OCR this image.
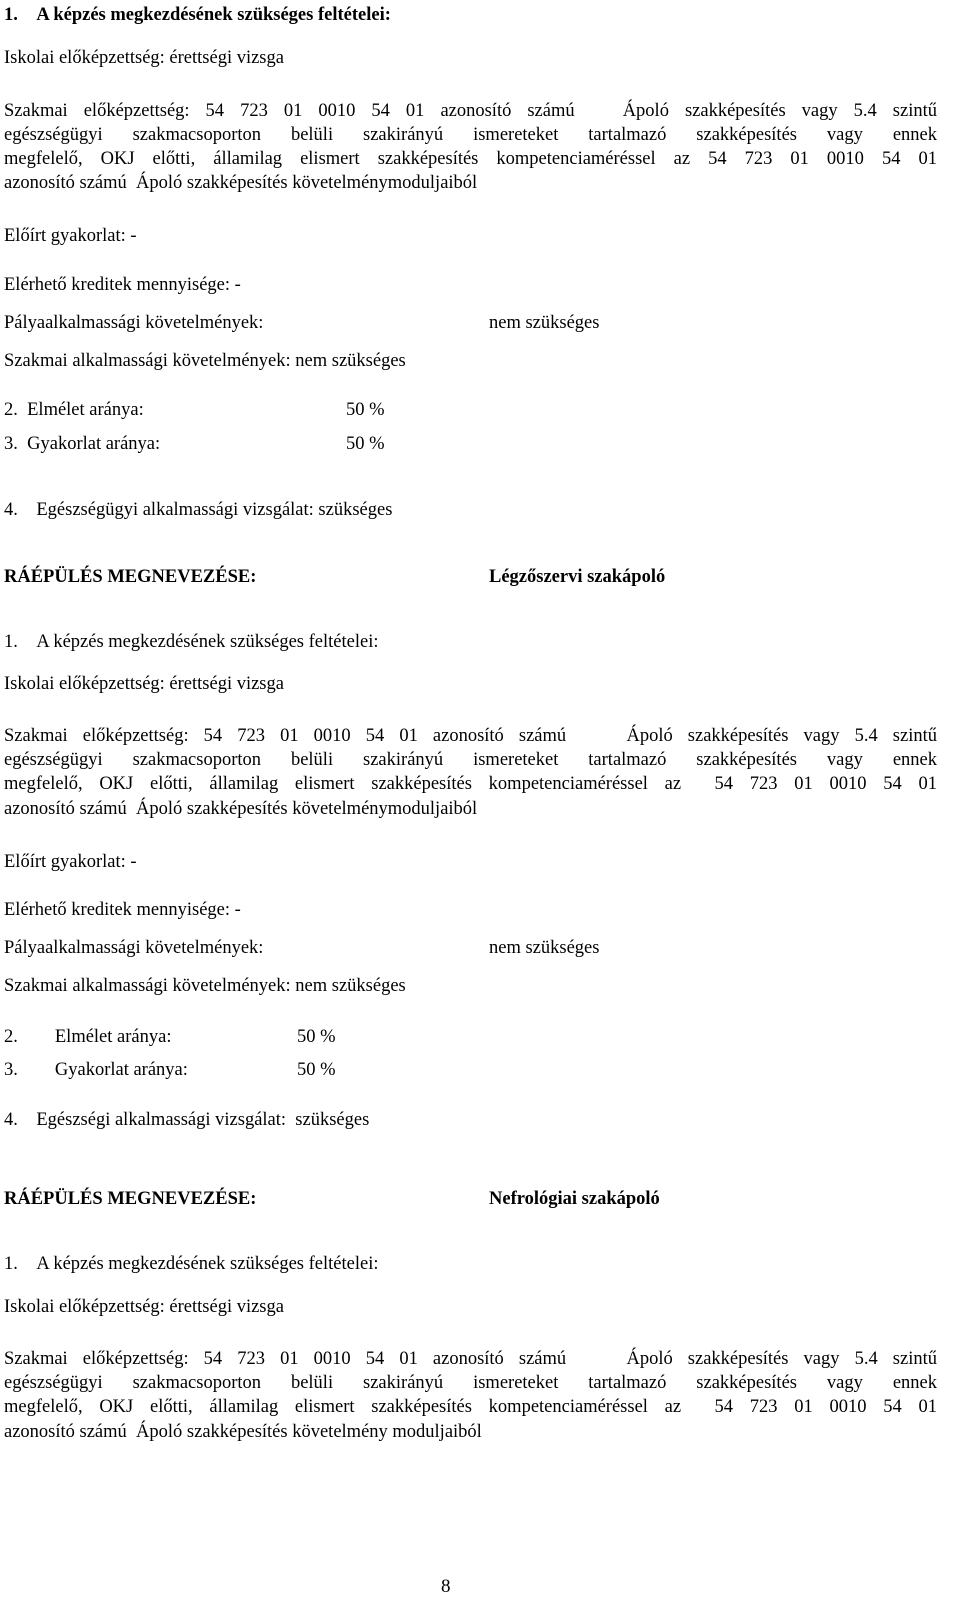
1.    A képzés megkezdésének szükséges feltételei:
Iskolai előképzettség: érettségi vizsga
Szakmai előképzettség: 54 723 01 0010 54 01 azonosító számú   Ápoló szakképesítés vagy 5.4 szintű
egészségügyi szakmacsoporton belüli szakirányú ismereteket tartalmazó szakképesítés vagy ennek
megfelelő, OKJ előtti, államilag elismert szakképesítés kompetenciaméréssel az 54 723 01 0010 54 01
azonosító számú  Ápoló szakképesítés követelménymoduljaiból
Előírt gyakorlat: -
Elérhető kreditek mennyisége: -
Pályaalkalmassági követelmények:	nem szükséges
Szakmai alkalmassági követelmények: nem szükséges
2.  Elmélet aránya:	50 %
3.  Gyakorlat aránya:	50 %
4.    Egészségügyi alkalmassági vizsgálat: szükséges
RÁÉPÜLÉS MEGNEVEZÉSE:	Légzőszervi szakápoló
1.    A képzés megkezdésének szükséges feltételei:
Iskolai előképzettség: érettségi vizsga
Szakmai előképzettség: 54 723 01 0010 54 01 azonosító számú    Ápoló szakképesítés vagy 5.4 szintű
egészségügyi szakmacsoporton belüli szakirányú ismereteket tartalmazó szakképesítés vagy ennek
megfelelő, OKJ előtti, államilag elismert szakképesítés kompetenciaméréssel az  54 723 01 0010 54 01
azonosító számú  Ápoló szakképesítés követelménymoduljaiból
Előírt gyakorlat: -
Elérhető kreditek mennyisége: -
Pályaalkalmassági követelmények:	nem szükséges
Szakmai alkalmassági követelmények: nem szükséges
2.        Elmélet aránya:	50 %
3.        Gyakorlat aránya:	50 %
4.    Egészségi alkalmassági vizsgálat:  szükséges
RÁÉPÜLÉS MEGNEVEZÉSE:	Nefrológiai szakápoló
1.    A képzés megkezdésének szükséges feltételei:
Iskolai előképzettség: érettségi vizsga
Szakmai előképzettség: 54 723 01 0010 54 01 azonosító számú    Ápoló szakképesítés vagy 5.4 szintű
egészségügyi szakmacsoporton belüli szakirányú ismereteket tartalmazó szakképesítés vagy ennek
megfelelő, OKJ előtti, államilag elismert szakképesítés kompetenciaméréssel az  54 723 01 0010 54 01
azonosító számú  Ápoló szakképesítés követelmény moduljaiból
8
